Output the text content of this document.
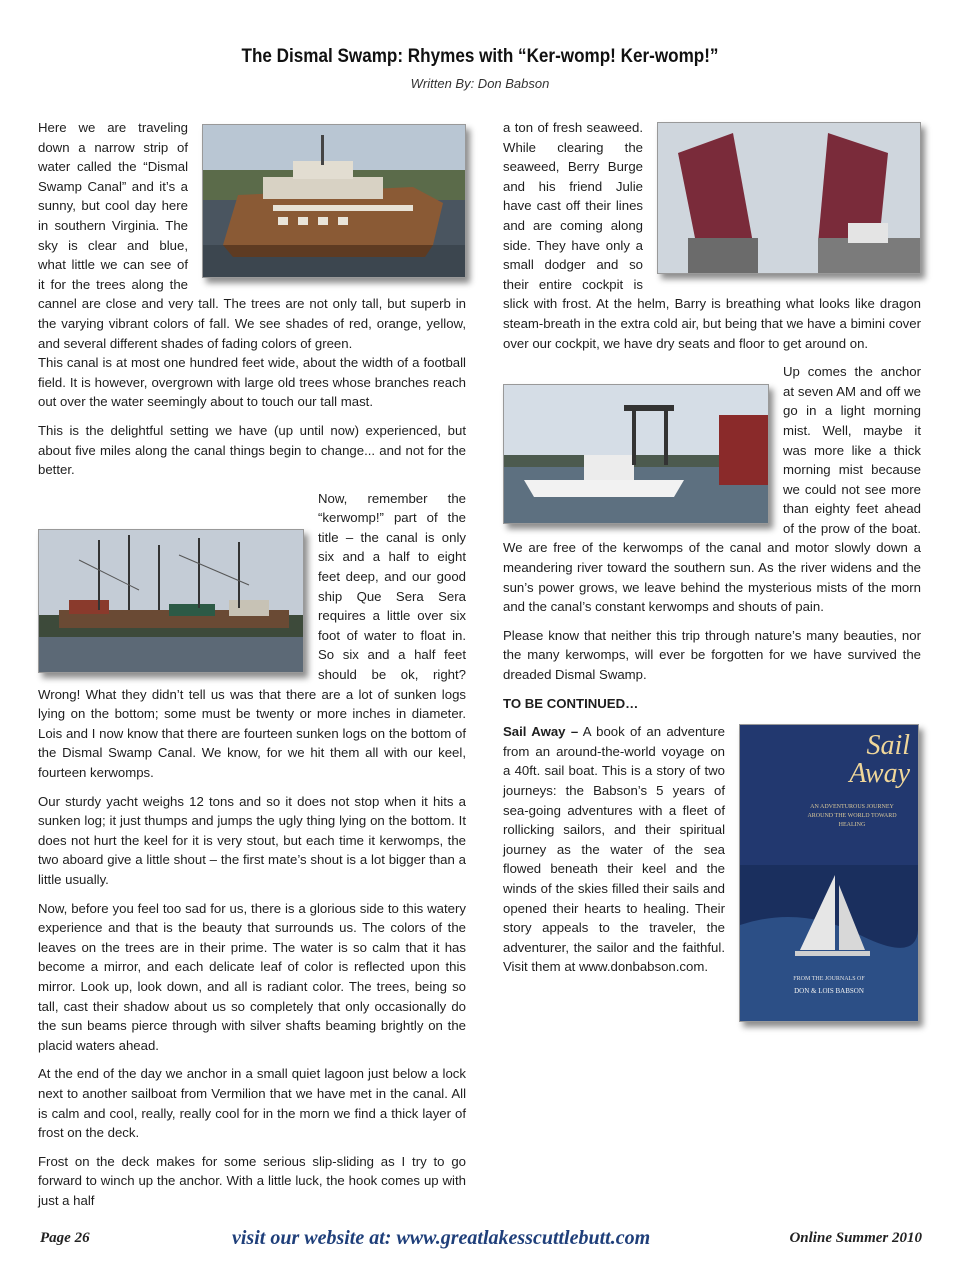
The Dismal Swamp: Rhymes with “Ker-womp! Ker-womp!”
Written By: Don Babson

Here we are traveling down a narrow strip of water called the “Dismal Swamp Canal” and it’s a sunny, but cool day here in southern Virginia. The sky is clear and blue, what little we can see of it for the trees along the cannel are close and very tall. The trees are not only tall, but superb in the varying vibrant colors of fall. We see shades of red, orange, yellow, and several different shades of fading colors of green.

This canal is at most one hundred feet wide, about the width of a football field. It is however, overgrown with large old trees whose branches reach out over the water seemingly about to touch our tall mast.

This is the delightful setting we have (up until now) experienced, but about five miles along the canal things begin to change... and not for the better.

Now, remember the “kerwomp!” part of the title – the canal is only six and a half to eight feet deep, and our good ship Que Sera Sera requires a little over six foot of water to float in. So six and a half feet should be ok, right? Wrong! What they didn’t tell us was that there are a lot of sunken logs lying on the bottom; some must be twenty or more inches in diameter. Lois and I now know that there are fourteen sunken logs on the bottom of the Dismal Swamp Canal. We know, for we hit them all with our keel, fourteen kerwomps.

Our sturdy yacht weighs 12 tons and so it does not stop when it hits a sunken log; it just thumps and jumps the ugly thing lying on the bottom. It does not hurt the keel for it is very stout, but each time it kerwomps, the two aboard give a little shout – the first mate’s shout is a lot bigger than a little usually.

Now, before you feel too sad for us, there is a glorious side to this watery experience and that is the beauty that surrounds us. The colors of the leaves on the trees are in their prime. The water is so calm that it has become a mirror, and each delicate leaf of color is reflected upon this mirror. Look up, look down, and all is radiant color. The trees, being so tall, cast their shadow about us so completely that only occasionally do the sun beams pierce through with silver shafts beaming brightly on the placid waters ahead.

At the end of the day we anchor in a small quiet lagoon just below a lock next to another sailboat from Vermilion that we have met in the canal. All is calm and cool, really, really cool for in the morn we find a thick layer of frost on the deck.

Frost on the deck makes for some serious slip-sliding as I try to go forward to winch up the anchor. With a little luck, the hook comes up with just a half

a ton of fresh seaweed. While clearing the seaweed, Berry Burge and his friend Julie have cast off their lines and are coming along side. They have only a small dodger and so their entire cockpit is slick with frost. At the helm, Barry is breathing what looks like dragon steam-breath in the extra cold air, but being that we have a bimini cover over our cockpit, we have dry seats and floor to get around on.

Up comes the anchor at seven AM and off we go in a light morning mist. Well, maybe it was more like a thick morning mist because we could not see more than eighty feet ahead of the prow of the boat. We are free of the kerwomps of the canal and motor slowly down a meandering river toward the southern sun. As the river widens and the sun’s power grows, we leave behind the mysterious mists of the morn and the canal’s constant kerwomps and shouts of pain.

Please know that neither this trip through nature’s many beauties, nor the many kerwomps, will ever be forgotten for we have survived the dreaded Dismal Swamp.

TO BE CONTINUED…

Sail
Away
AN ADVENTUROUS JOURNEY AROUND THE WORLD TOWARD HEALING
FROM THE JOURNALS OF
DON & LOIS BABSON
Sail Away – A book of an adventure from an around-the-world voyage on a 40ft. sail boat. This is a story of two journeys: the Babson’s 5 years of sea-going adventures with a fleet of rollicking sailors, and their spiritual journey as the water of the sea flowed beneath their keel and the winds of the skies filled their sails and opened their hearts to healing. Their story appeals to the traveler, the adventurer, the sailor and the faithful. Visit them at www.donbabson.com.

Page 26	visit our website at: www.greatlakesscuttlebutt.com	Online Summer 2010
